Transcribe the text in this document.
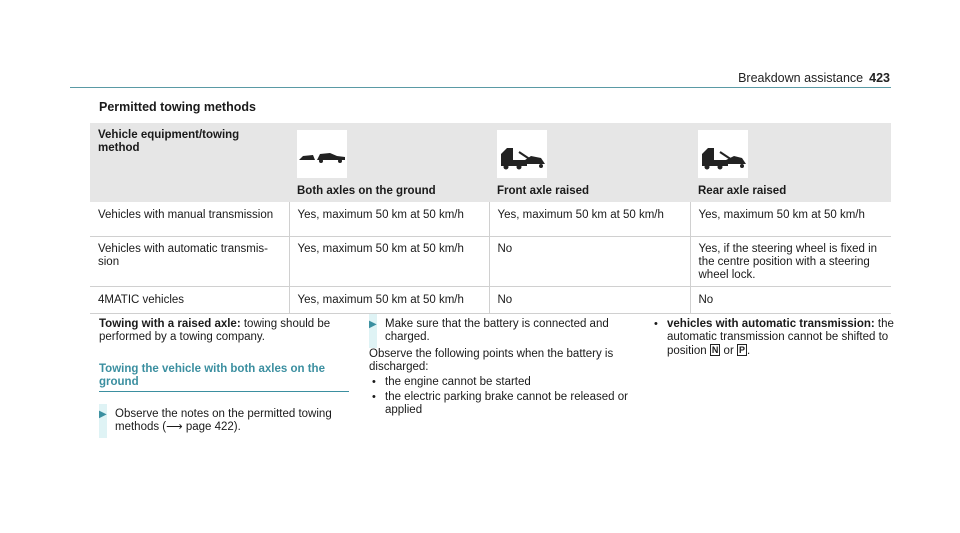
Breakdown assistance 423
Permitted towing methods
Vehicle equipment/towing method	Both axles on the ground	Front axle raised	Rear axle raised

Vehicles with manual transmission	Yes, maximum 50 km at 50 km/h	Yes, maximum 50 km at 50 km/h	Yes, maximum 50 km at 50 km/h
Vehicles with automatic transmis-sion	Yes, maximum 50 km at 50 km/h	No	Yes, if the steering wheel is fixed in the centre position with a steering wheel lock.
4MATIC vehicles	Yes, maximum 50 km at 50 km/h	No	No
Towing with a raised axle: towing should be performed by a towing company.
Towing the vehicle with both axles on the ground
▶ Observe the notes on the permitted towing methods (⟶ page 422).
▶ Make sure that the battery is connected and charged.
Observe the following points when the battery is discharged:
• the engine cannot be started
• the electric parking brake cannot be released or applied
• vehicles with automatic transmission: the automatic transmission cannot be shifted to position N or P .
